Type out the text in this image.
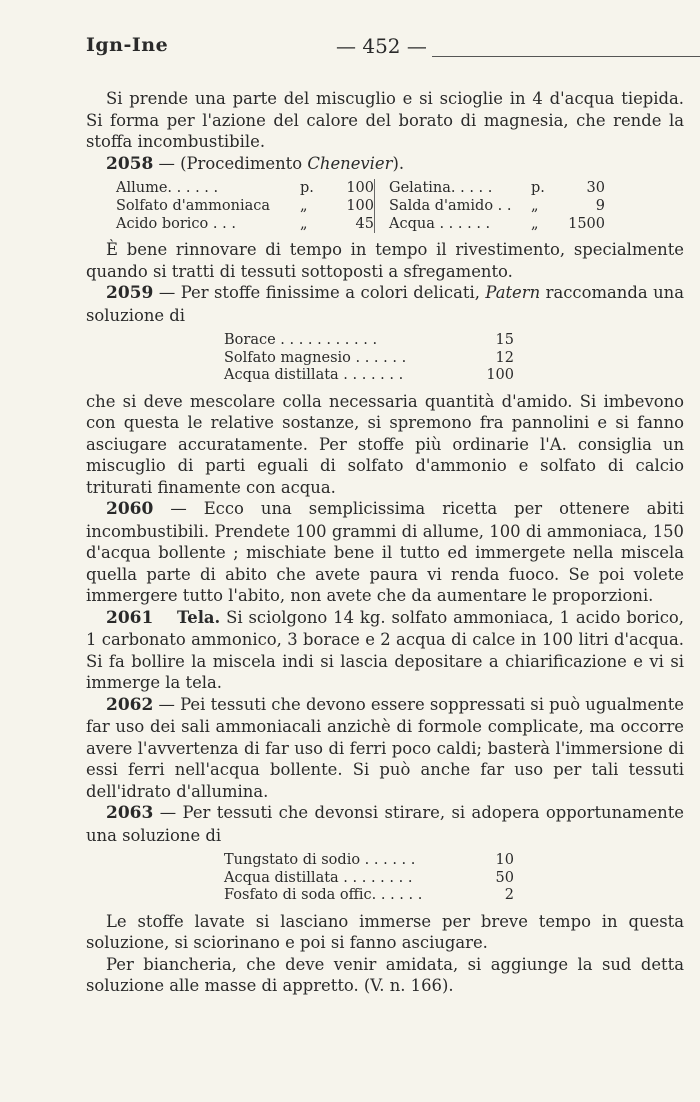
Ign-Ine	— 452 —

Si prende una parte del miscuglio e si scioglie in 4 d'acqua tiepida. Si forma per l'azione del calore del borato di magnesia, che rende la stoffa incombustibile.

2058 — (Procedimento Chenevier).

Allume. . . . . .	p.	100
Solfato d'ammoniaca	„	100
Acido borico . . .	„	45
Gelatina. . . . .	p.	30
Salda d'amido . .	„	9
Acqua . . . . . .	„	1500

È bene rinnovare di tempo in tempo il rivestimento, specialmente quando si tratti di tessuti sottoposti a sfregamento.

2059 — Per stoffe finissime a colori delicati, Patern raccomanda una soluzione di

Borace . . . . . . . . . . .	15
Solfato magnesio . . . . . .	12
Acqua distillata . . . . . . .	100

che si deve mescolare colla necessaria quantità d'amido. Si imbevono con questa le relative sostanze, si spremono fra pannolini e si fanno asciugare accuratamente. Per stoffe più ordinarie l'A. consiglia un miscuglio di parti eguali di solfato d'ammonio e solfato di calcio triturati finamente con acqua.

2060 — Ecco una semplicissima ricetta per ottenere abiti incombustibili. Prendete 100 grammi di allume, 100 di ammoniaca, 150 d'acqua bollente ; mischiate bene il tutto ed immergete nella miscela quella parte di abito che avete paura vi renda fuoco. Se poi volete immergere tutto l'abito, non avete che da aumentare le proporzioni.

2061 Tela. Si sciolgono 14 kg. solfato ammoniaca, 1 acido borico, 1 carbonato ammonico, 3 borace e 2 acqua di calce in 100 litri d'acqua. Si fa bollire la miscela indi si lascia depositare a chiarificazione e vi si immerge la tela.

2062 — Pei tessuti che devono essere soppressati si può ugualmente far uso dei sali ammoniacali anzichè di formole complicate, ma occorre avere l'avvertenza di far uso di ferri poco caldi; basterà l'immersione di essi ferri nell'acqua bollente. Si può anche far uso per tali tessuti dell'idrato d'allumina.

2063 — Per tessuti che devonsi stirare, si adopera opportunamente una soluzione di

Tungstato di sodio . . . . . .	10
Acqua distillata . . . . . . . .	50
Fosfato di soda offic. . . . . .	2

Le stoffe lavate si lasciano immerse per breve tempo in questa soluzione, si sciorinano e poi si fanno asciugare.

Per biancheria, che deve venir amidata, si aggiunge la sud detta soluzione alle masse di appretto. (V. n. 166).
